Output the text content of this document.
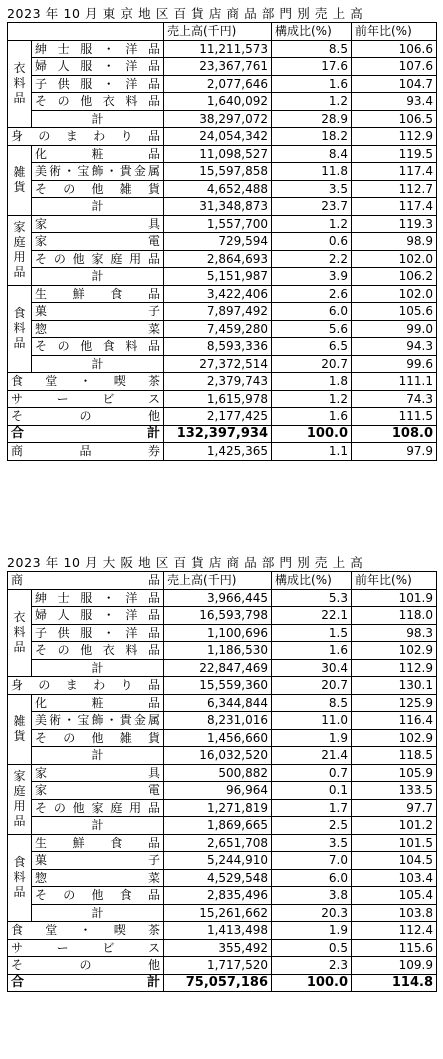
2023 年 10 月 東 京 地 区 百 貨 店 商 品 部 門 別 売 上 高
		売上高(千円)	構成比(%)	前年比(%)
衣
料
品	紳士服・洋品	11,211,573	8.5	106.6
	婦人服・洋品	23,367,761	17.6	107.6
	子供服・洋品	2,077,646	1.6	104.7
	その他衣料品	1,640,092	1.2	93.4
	計	38,297,072	28.9	106.5
身のまわり品		24,054,342	18.2	112.9
雑
貨	化粧品	11,098,527	8.4	119.5
	美術・宝飾・貴金属	15,597,858	11.8	117.4
	その他雑貨	4,652,488	3.5	112.7
	計	31,348,873	23.7	117.4
家
庭
用
品	家具	1,557,700	1.2	119.3
	家電	729,594	0.6	98.9
	その他家庭用品	2,864,693	2.2	102.0
	計	5,151,987	3.9	106.2
食
料
品	生鮮食品	3,422,406	2.6	102.0
	菓子	7,897,492	6.0	105.6
	惣菜	7,459,280	5.6	99.0
	その他食料品	8,593,336	6.5	94.3
	計	27,372,514	20.7	99.6
食堂・喫茶		2,379,743	1.8	111.1
サービス		1,615,978	1.2	74.3
その他		2,177,425	1.6	111.5
合計		132,397,934	100.0	108.0
商品券		1,425,365	1.1	97.9
2023 年 10 月 大 阪 地 区 百 貨 店 商 品 部 門 別 売 上 高
商品		売上高(千円)	構成比(%)	前年比(%)
衣
料
品	紳士服・洋品	3,966,445	5.3	101.9
	婦人服・洋品	16,593,798	22.1	118.0
	子供服・洋品	1,100,696	1.5	98.3
	その他衣料品	1,186,530	1.6	102.9
	計	22,847,469	30.4	112.9
身のまわり品		15,559,360	20.7	130.1
雑
貨	化粧品	6,344,844	8.5	125.9
	美術・宝飾・貴金属	8,231,016	11.0	116.4
	その他雑貨	1,456,660	1.9	102.9
	計	16,032,520	21.4	118.5
家
庭
用
品	家具	500,882	0.7	105.9
	家電	96,964	0.1	133.5
	その他家庭用品	1,271,819	1.7	97.7
	計	1,869,665	2.5	101.2
食
料
品	生鮮食品	2,651,708	3.5	101.5
	菓子	5,244,910	7.0	104.5
	惣菜	4,529,548	6.0	103.4
	その他食品	2,835,496	3.8	105.4
	計	15,261,662	20.3	103.8
食堂・喫茶		1,413,498	1.9	112.4
サービス		355,492	0.5	115.6
その他		1,717,520	2.3	109.9
合計		75,057,186	100.0	114.8
